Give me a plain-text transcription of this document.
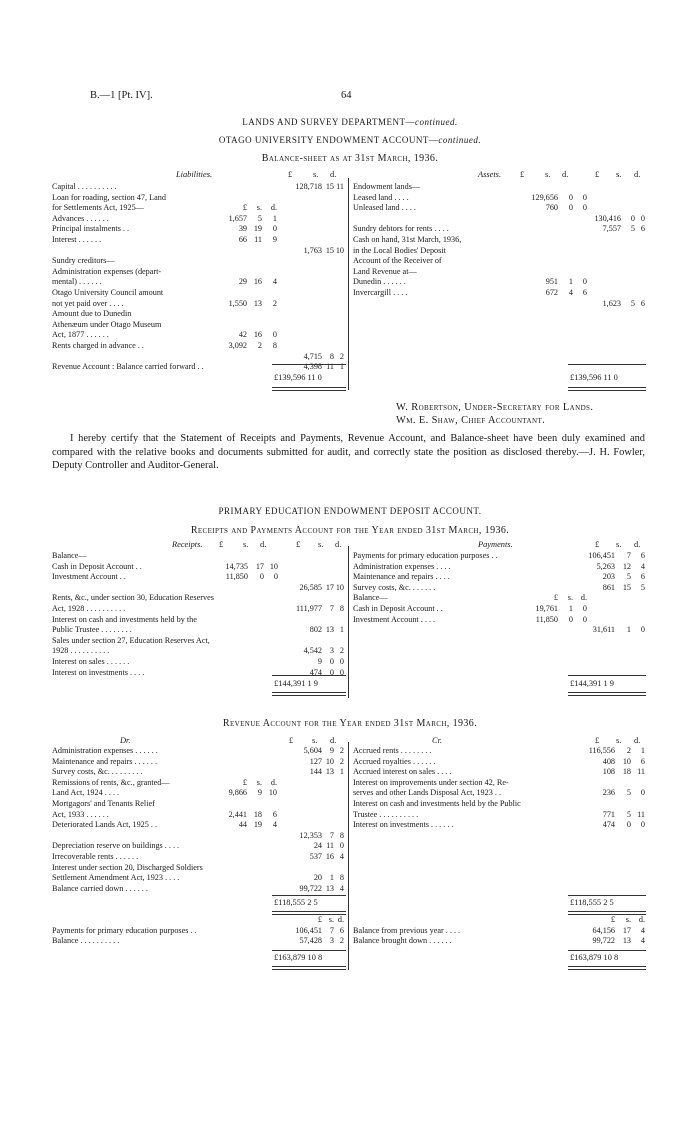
B.—1 [Pt. IV].	64
LANDS AND SURVEY DEPARTMENT—continued.
OTAGO UNIVERSITY ENDOWMENT ACCOUNT—continued.
Balance-sheet as at 31st March, 1936.
Liabilities.	£ s. d.	Assets. £ s. d.	£ s. d.
Capital . . . . . . . . . .	128,718 15 11
Loan for roading, section 47, Land
for Settlements Act, 1925—	£	s.	d.
Advances . . . . . .	1,657	5	1
Principal instalments . .	39 19	0
Interest . . . . . .	66 11	9
1,763 15 10
Sundry creditors—
Administration expenses (depart-
mental) . . . . . .	29 16	4
Otago University Council amount
not yet paid over . . . .	1,550 13	2
Amount due to Dunedin
Athenæum under Otago Museum
Act, 1877 . . . . . .	42 16	0
Rents charged in advance . .	3,092	2	8
4,715 8 2
Revenue Account : Balance carried forward . .	4,398 11 1
Endowment lands—
Leased land . . . .	129,656	0	0
Unleased land . . . .	760	0	0
130,416	0 0
Sundry debtors for rents . . . .	7,557	5 6
Cash on hand, 31st March, 1936,
in the Local Bodies' Deposit
Account of the Receiver of
Land Revenue at—
Dunedin . . . . . .	951	1	0
Invercargill . . . .	672	4	6
1,623	5 6
£139,596 11 0	£139,596 11 0
W. Robertson, Under-Secretary for Lands.
Wm. E. Shaw, Chief Accountant.
I hereby certify that the Statement of Receipts and Payments, Revenue Account, and Balance-sheet have been duly examined and compared with the relative books and documents submitted for audit, and correctly state the position as disclosed thereby.—J. H. Fowler, Deputy Controller and Auditor-General.
PRIMARY EDUCATION ENDOWMENT DEPOSIT ACCOUNT.
Receipts and Payments Account for the Year ended 31st March, 1936.
Receipts. £ s. d.	£ s. d.	Payments.	£ s. d.
Balance—
Cash in Deposit Account . .	14,735 17 10
Investment Account . .	11,850	0	0
26,585 17 10
Rents, &c., under section 30, Education Reserves
Act, 1928 . . . . . . . . . .	111,977 7 8
Interest on cash and investments held by the
Public Trustee . . . . . . . .	802 13 1
Sales under section 27, Education Reserves Act,
1928 . . . . . . . . . .	4,542 3 2
Interest on sales . . . . . .	9 0 0
Interest on investments . . . .	474 0 0
Payments for primary education purposes . .	106,451	7	6
Administration expenses . . . .	5,263 12	4
Maintenance and repairs . . . .	203	5	6
Survey costs, &c. . . . . . .	861 15	5
Balance—	£	s. d.
Cash in Deposit Account . .	19,761	1	0
Investment Account . . . .	11,850	0	0
31,611	1	0
£144,391 1 9	£144,391 1 9
Revenue Account for the Year ended 31st March, 1936.
Dr.	£ s. d.	Cr.	£ s. d.
Administration expenses . . . . . .	5,604 9 2
Maintenance and repairs . . . . . .	127 10 2
Survey costs, &c. . . . . . . . .	144 13 1
Remissions of rents, &c., granted—	£	s.	d.
Land Act, 1924 . . . .	9,866	9 10
Mortgagors' and Tenants Relief
Act, 1933 . . . . . .	2,441 18	6
Deteriorated Lands Act, 1925 . .	44 19	4
12,353 7 8
Depreciation reserve on buildings . . . .	24 11 0
Irrecoverable rents . . . . . .	537 16 4
Interest under section 20, Discharged Soldiers
Settlement Amendment Act, 1923 . . . .	20 1 8
Balance carried down . . . . . .	99,722 13 4
Accrued rents . . . . . . . .	116,556	2	1
Accrued royalties . . . . . .	408 10	6
Accrued interest on sales . . . .	108 18 11
Interest on improvements under section 42, Re-
serves and other Lands Disposal Act, 1923 . .	236	5	0
Interest on cash and investments held by the Public
Trustee . . . . . . . . . .	771	5 11
Interest on investments . . . . . .	474	0	0
£118,555 2 5	£118,555 2 5
£ s. d.
Payments for primary education purposes . .	106,451 7 6
Balance . . . . . . . . . .	57,428 3 2
£	s. d.
Balance from previous year . . . .	64,156 17	4
Balance brought down . . . . . .	99,722 13	4
£163,879 10 8	£163,879 10 8
